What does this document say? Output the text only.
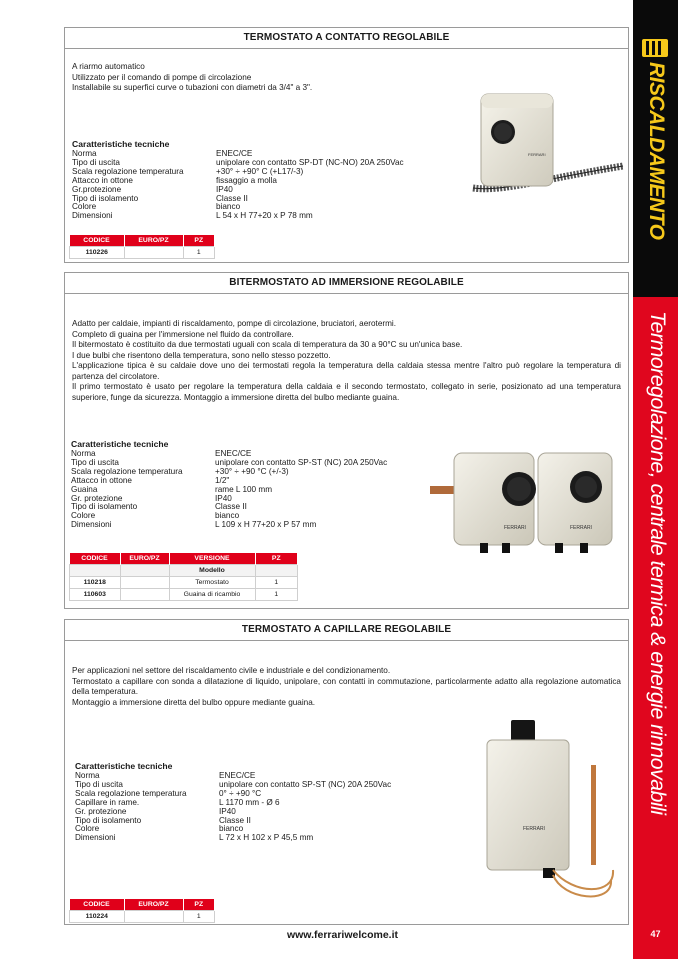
TERMOSTATO A CONTATTO REGOLABILE

A riarmo automatico

Utilizzato per il comando di pompe di circolazione

Installabile su superfici curve o tubazioni con diametri da 3/4" a 3".

Caratteristiche tecniche
Norma	ENEC/CE
Tipo di uscita	unipolare con contatto SP-DT (NC-NO) 20A 250Vac
Scala regolazione temperatura	+30° ÷ +90° C (+L17/-3)
Attacco in ottone	fissaggio a molla
Gr.protezione	IP40
Tipo di isolamento	Classe II
Colore	bianco
Dimensioni	L 54 x H 77+20 x P 78 mm
CODICE	EURO/PZ	PZ
110226		1
FERRARI
BITERMOSTATO AD IMMERSIONE REGOLABILE

Adatto per caldaie, impianti di riscaldamento, pompe di circolazione, bruciatori, aerotermi.

Completo di guaina per l'immersione nel fluido da controllare.

Il bitermostato è costituito da due termostati uguali con scala di temperatura da 30 a 90°C su un'unica base.

I due bulbi che risentono della temperatura, sono nello stesso pozzetto.

L'applicazione tipica è su caldaie dove uno dei termostati regola la temperatura della caldaia stessa mentre l'altro può regolare la temperatura di partenza del circolatore.

Il primo termostato è usato per regolare la temperatura della caldaia e il secondo termostato, collegato in serie, posizionato ad una temperatura superiore, funge da sicurezza. Montaggio a immersione diretta del bulbo mediante guaina.

Caratteristiche tecniche
Norma	ENEC/CE
Tipo di uscita	unipolare con contatto SP-ST (NC) 20A 250Vac
Scala regolazione temperatura	+30° ÷ +90 °C (+/-3)
Attacco in ottone	1/2"
Guaina	rame L 100 mm
Gr. protezione	IP40
Tipo di isolamento	Classe II
Colore	bianco
Dimensioni	L 109 x H 77+20 x P 57 mm
CODICE	EURO/PZ	VERSIONE	PZ
		Modello	
110218		Termostato	1
110603		Guaina di ricambio	1
FERRARI	FERRARI
TERMOSTATO A CAPILLARE REGOLABILE

Per applicazioni nel settore del riscaldamento civile e industriale e del condizionamento.

Termostato a capillare con sonda a dilatazione di liquido, unipolare, con contatti in commutazione, particolarmente adatto alla regolazione automatica della temperatura.

Montaggio a immersione diretta del bulbo oppure mediante guaina.

Caratteristiche tecniche
Norma	ENEC/CE
Tipo di uscita	unipolare con contatto SP-ST (NC) 20A 250Vac
Scala regolazione temperatura	0° ÷ +90 °C
Capillare in rame.	L 1170 mm - Ø 6
Gr. protezione	IP40
Tipo di isolamento	Classe II
Colore	bianco
Dimensioni	L 72 x H 102 x P 45,5 mm
CODICE	EURO/PZ	PZ
110224		1
FERRARI
RISCALDAMENTO
Termoregolazione, centrale termica & energie rinnovabili
47
www.ferrariwelcome.it
